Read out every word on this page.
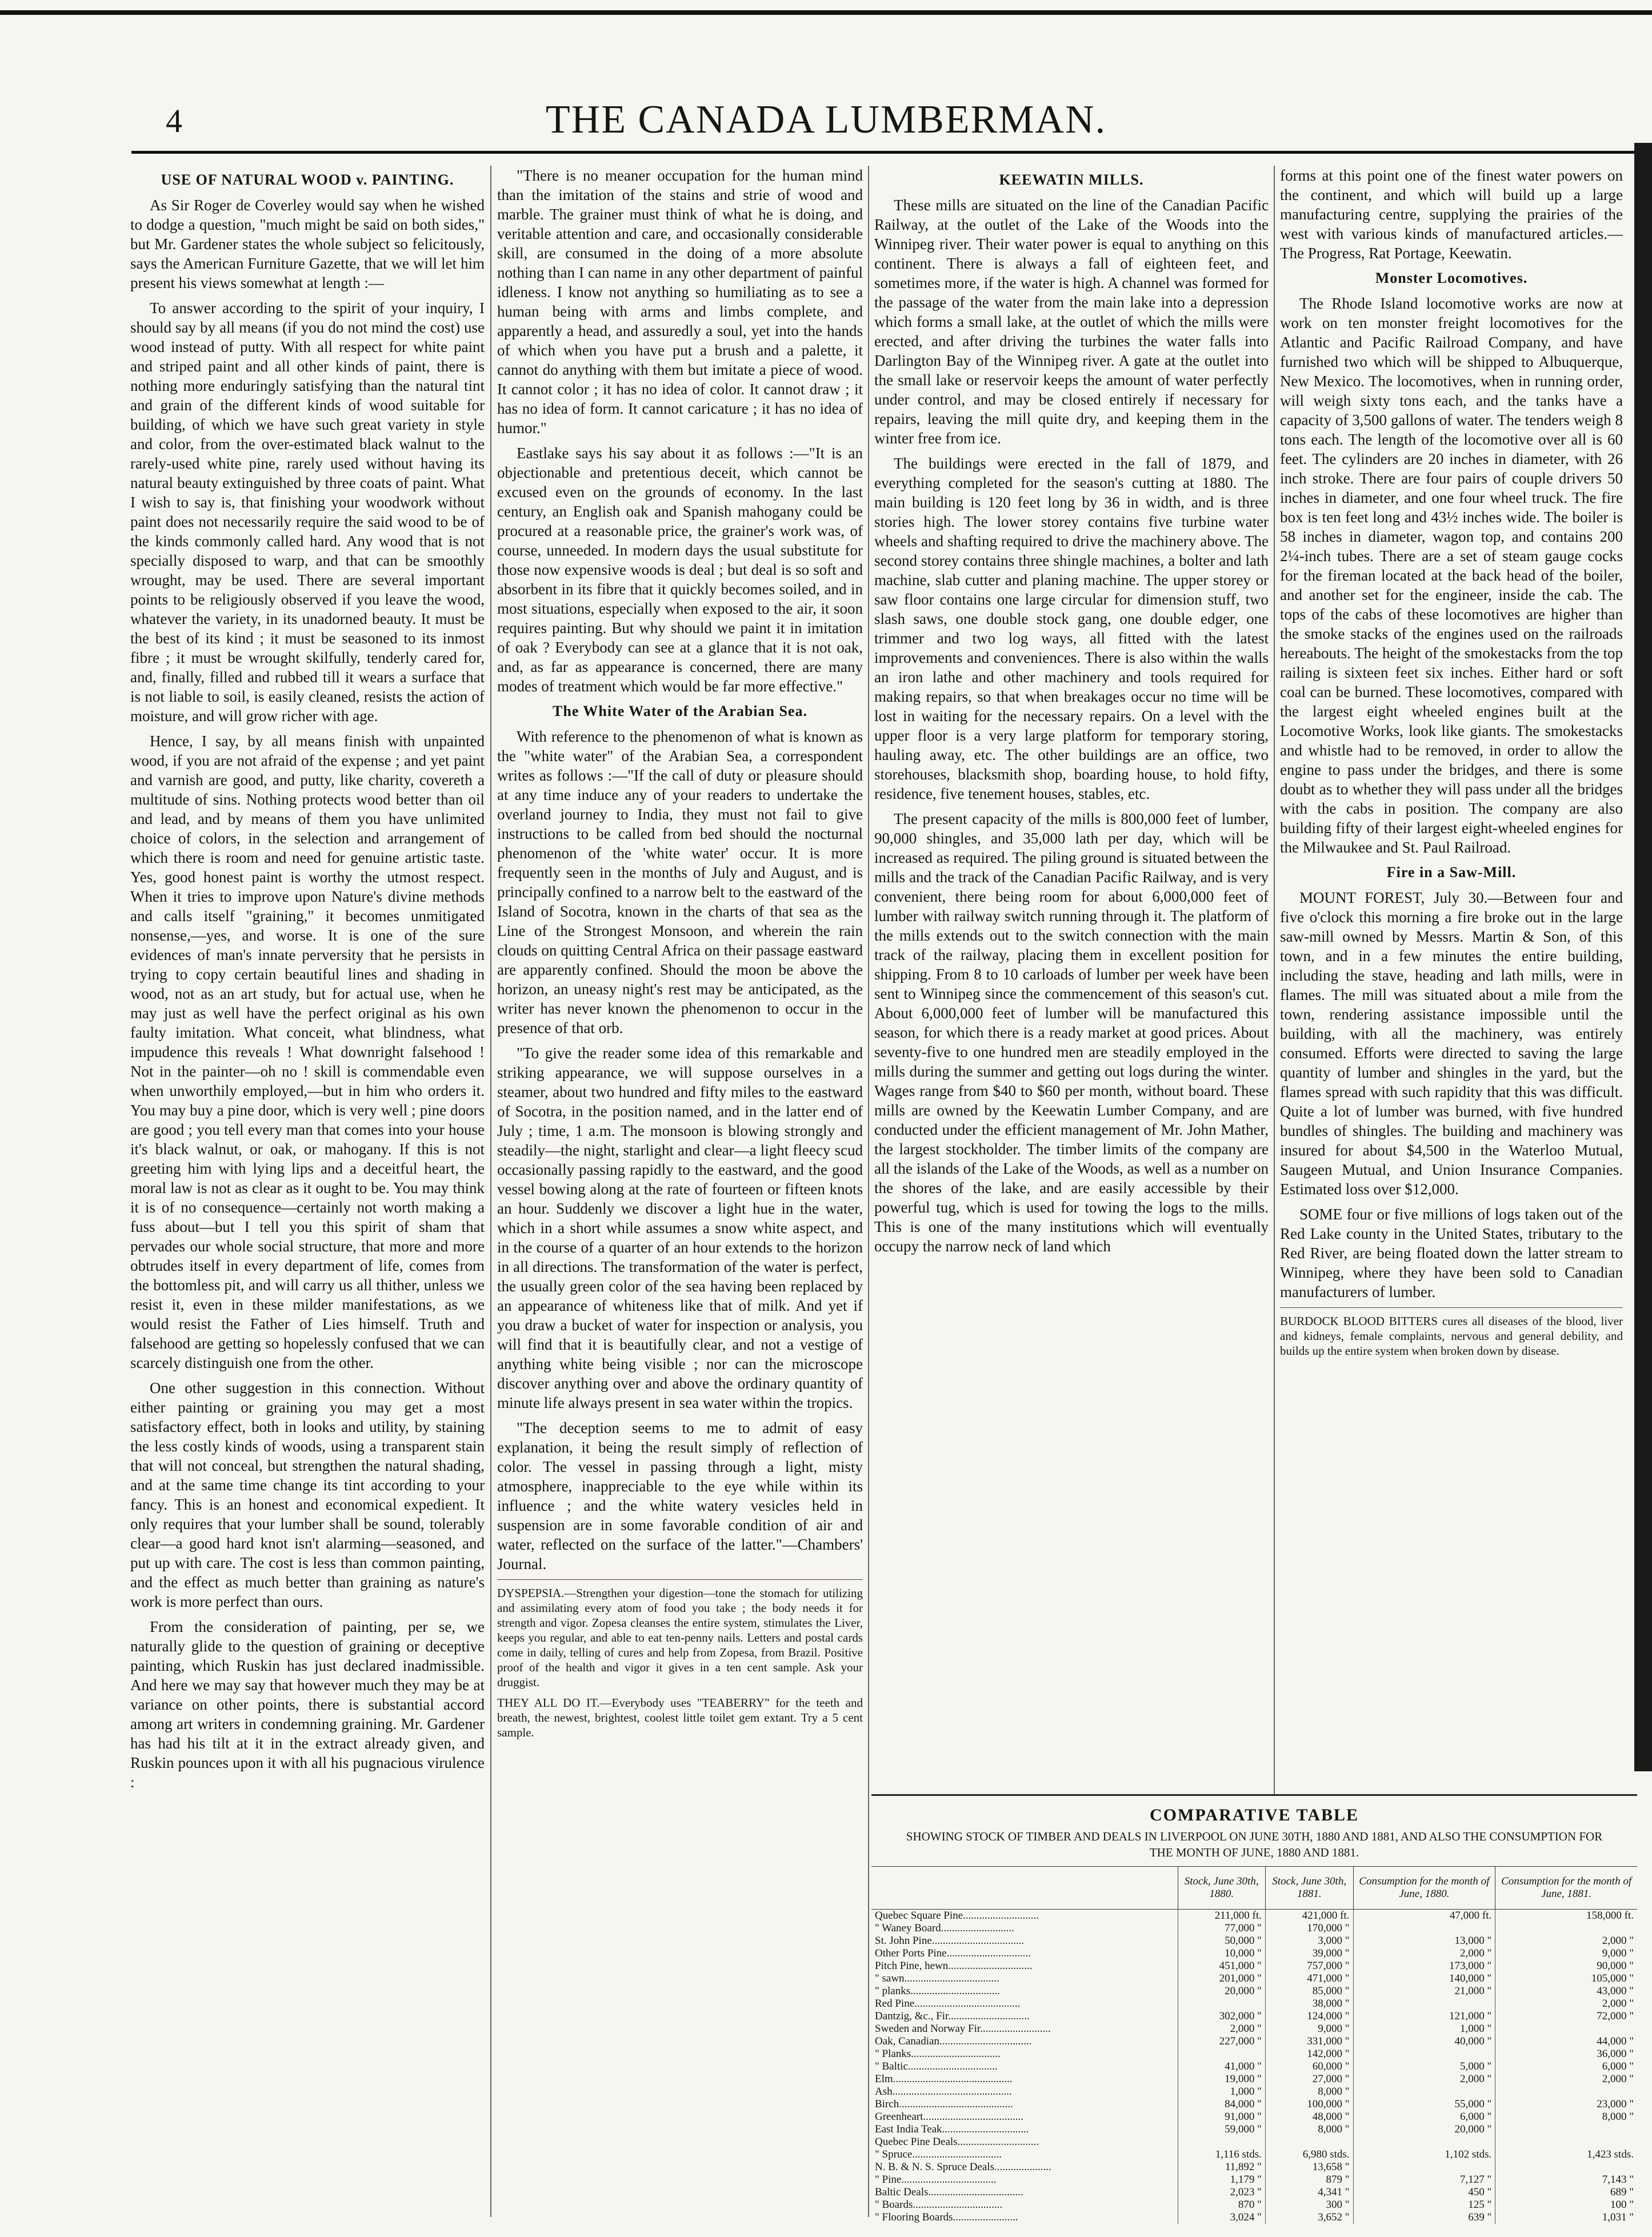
4	THE CANADA LUMBERMAN.
USE OF NATURAL WOOD v. PAINTING.

As Sir Roger de Coverley would say when he wished to dodge a question, "much might be said on both sides," but Mr. Gardener states the whole subject so felicitously, says the American Furniture Gazette, that we will let him present his views somewhat at length :—

To answer according to the spirit of your inquiry, I should say by all means (if you do not mind the cost) use wood instead of putty. With all respect for white paint and striped paint and all other kinds of paint, there is nothing more enduringly satisfying than the natural tint and grain of the different kinds of wood suitable for building, of which we have such great variety in style and color, from the over-estimated black walnut to the rarely-used white pine, rarely used without having its natural beauty extinguished by three coats of paint. What I wish to say is, that finishing your woodwork without paint does not necessarily require the said wood to be of the kinds commonly called hard. Any wood that is not specially disposed to warp, and that can be smoothly wrought, may be used. There are several important points to be religiously observed if you leave the wood, whatever the variety, in its unadorned beauty. It must be the best of its kind ; it must be seasoned to its inmost fibre ; it must be wrought skilfully, tenderly cared for, and, finally, filled and rubbed till it wears a surface that is not liable to soil, is easily cleaned, resists the action of moisture, and will grow richer with age.

Hence, I say, by all means finish with unpainted wood, if you are not afraid of the expense ; and yet paint and varnish are good, and putty, like charity, covereth a multitude of sins. Nothing protects wood better than oil and lead, and by means of them you have unlimited choice of colors, in the selection and arrangement of which there is room and need for genuine artistic taste. Yes, good honest paint is worthy the utmost respect. When it tries to improve upon Nature's divine methods and calls itself "graining," it becomes unmitigated nonsense,—yes, and worse. It is one of the sure evidences of man's innate perversity that he persists in trying to copy certain beautiful lines and shading in wood, not as an art study, but for actual use, when he may just as well have the perfect original as his own faulty imitation. What conceit, what blindness, what impudence this reveals ! What downright falsehood ! Not in the painter—oh no ! skill is commendable even when unworthily employed,—but in him who orders it. You may buy a pine door, which is very well ; pine doors are good ; you tell every man that comes into your house it's black walnut, or oak, or mahogany. If this is not greeting him with lying lips and a deceitful heart, the moral law is not as clear as it ought to be. You may think it is of no consequence—certainly not worth making a fuss about—but I tell you this spirit of sham that pervades our whole social structure, that more and more obtrudes itself in every department of life, comes from the bottomless pit, and will carry us all thither, unless we resist it, even in these milder manifestations, as we would resist the Father of Lies himself. Truth and falsehood are getting so hopelessly confused that we can scarcely distinguish one from the other.

One other suggestion in this connection. Without either painting or graining you may get a most satisfactory effect, both in looks and utility, by staining the less costly kinds of woods, using a transparent stain that will not conceal, but strengthen the natural shading, and at the same time change its tint according to your fancy. This is an honest and economical expedient. It only requires that your lumber shall be sound, tolerably clear—a good hard knot isn't alarming—seasoned, and put up with care. The cost is less than common painting, and the effect as much better than graining as nature's work is more perfect than ours.

From the consideration of painting, per se, we naturally glide to the question of graining or deceptive painting, which Ruskin has just declared inadmissible. And here we may say that however much they may be at variance on other points, there is substantial accord among art writers in condemning graining. Mr. Gardener has had his tilt at it in the extract already given, and Ruskin pounces upon it with all his pugnacious virulence :

"There is no meaner occupation for the human mind than the imitation of the stains and strie of wood and marble. The grainer must think of what he is doing, and veritable attention and care, and occasionally considerable skill, are consumed in the doing of a more absolute nothing than I can name in any other department of painful idleness. I know not anything so humiliating as to see a human being with arms and limbs complete, and apparently a head, and assuredly a soul, yet into the hands of which when you have put a brush and a palette, it cannot do anything with them but imitate a piece of wood. It cannot color ; it has no idea of color. It cannot draw ; it has no idea of form. It cannot caricature ; it has no idea of humor."

Eastlake says his say about it as follows :—"It is an objectionable and pretentious deceit, which cannot be excused even on the grounds of economy. In the last century, an English oak and Spanish mahogany could be procured at a reasonable price, the grainer's work was, of course, unneeded. In modern days the usual substitute for those now expensive woods is deal ; but deal is so soft and absorbent in its fibre that it quickly becomes soiled, and in most situations, especially when exposed to the air, it soon requires painting. But why should we paint it in imitation of oak ? Everybody can see at a glance that it is not oak, and, as far as appearance is concerned, there are many modes of treatment which would be far more effective."

The White Water of the Arabian Sea.

With reference to the phenomenon of what is known as the "white water" of the Arabian Sea, a correspondent writes as follows :—"If the call of duty or pleasure should at any time induce any of your readers to undertake the overland journey to India, they must not fail to give instructions to be called from bed should the nocturnal phenomenon of the 'white water' occur. It is more frequently seen in the months of July and August, and is principally confined to a narrow belt to the eastward of the Island of Socotra, known in the charts of that sea as the Line of the Strongest Monsoon, and wherein the rain clouds on quitting Central Africa on their passage eastward are apparently confined. Should the moon be above the horizon, an uneasy night's rest may be anticipated, as the writer has never known the phenomenon to occur in the presence of that orb.

"To give the reader some idea of this remarkable and striking appearance, we will suppose ourselves in a steamer, about two hundred and fifty miles to the eastward of Socotra, in the position named, and in the latter end of July ; time, 1 a.m. The monsoon is blowing strongly and steadily—the night, starlight and clear—a light fleecy scud occasionally passing rapidly to the eastward, and the good vessel bowing along at the rate of fourteen or fifteen knots an hour. Suddenly we discover a light hue in the water, which in a short while assumes a snow white aspect, and in the course of a quarter of an hour extends to the horizon in all directions. The transformation of the water is perfect, the usually green color of the sea having been replaced by an appearance of whiteness like that of milk. And yet if you draw a bucket of water for inspection or analysis, you will find that it is beautifully clear, and not a vestige of anything white being visible ; nor can the microscope discover anything over and above the ordinary quantity of minute life always present in sea water within the tropics.

"The deception seems to me to admit of easy explanation, it being the result simply of reflection of color. The vessel in passing through a light, misty atmosphere, inappreciable to the eye while within its influence ; and the white watery vesicles held in suspension are in some favorable condition of air and water, reflected on the surface of the latter."—Chambers' Journal.

DYSPEPSIA.—Strengthen your digestion—tone the stomach for utilizing and assimilating every atom of food you take ; the body needs it for strength and vigor. Zopesa cleanses the entire system, stimulates the Liver, keeps you regular, and able to eat ten-penny nails. Letters and postal cards come in daily, telling of cures and help from Zopesa, from Brazil. Positive proof of the health and vigor it gives in a ten cent sample. Ask your druggist.

THEY ALL DO IT.—Everybody uses "TEABERRY" for the teeth and breath, the newest, brightest, coolest little toilet gem extant. Try a 5 cent sample.

KEEWATIN MILLS.

These mills are situated on the line of the Canadian Pacific Railway, at the outlet of the Lake of the Woods into the Winnipeg river. Their water power is equal to anything on this continent. There is always a fall of eighteen feet, and sometimes more, if the water is high. A channel was formed for the passage of the water from the main lake into a depression which forms a small lake, at the outlet of which the mills were erected, and after driving the turbines the water falls into Darlington Bay of the Winnipeg river. A gate at the outlet into the small lake or reservoir keeps the amount of water perfectly under control, and may be closed entirely if necessary for repairs, leaving the mill quite dry, and keeping them in the winter free from ice.

The buildings were erected in the fall of 1879, and everything completed for the season's cutting at 1880. The main building is 120 feet long by 36 in width, and is three stories high. The lower storey contains five turbine water wheels and shafting required to drive the machinery above. The second storey contains three shingle machines, a bolter and lath machine, slab cutter and planing machine. The upper storey or saw floor contains one large circular for dimension stuff, two slash saws, one double stock gang, one double edger, one trimmer and two log ways, all fitted with the latest improvements and conveniences. There is also within the walls an iron lathe and other machinery and tools required for making repairs, so that when breakages occur no time will be lost in waiting for the necessary repairs. On a level with the upper floor is a very large platform for temporary storing, hauling away, etc. The other buildings are an office, two storehouses, blacksmith shop, boarding house, to hold fifty, residence, five tenement houses, stables, etc.

The present capacity of the mills is 800,000 feet of lumber, 90,000 shingles, and 35,000 lath per day, which will be increased as required. The piling ground is situated between the mills and the track of the Canadian Pacific Railway, and is very convenient, there being room for about 6,000,000 feet of lumber with railway switch running through it. The platform of the mills extends out to the switch connection with the main track of the railway, placing them in excellent position for shipping. From 8 to 10 carloads of lumber per week have been sent to Winnipeg since the commencement of this season's cut. About 6,000,000 feet of lumber will be manufactured this season, for which there is a ready market at good prices. About seventy-five to one hundred men are steadily employed in the mills during the summer and getting out logs during the winter. Wages range from $40 to $60 per month, without board. These mills are owned by the Keewatin Lumber Company, and are conducted under the efficient management of Mr. John Mather, the largest stockholder. The timber limits of the company are all the islands of the Lake of the Woods, as well as a number on the shores of the lake, and are easily accessible by their powerful tug, which is used for towing the logs to the mills. This is one of the many institutions which will eventually occupy the narrow neck of land which

forms at this point one of the finest water powers on the continent, and which will build up a large manufacturing centre, supplying the prairies of the west with various kinds of manufactured articles.—The Progress, Rat Portage, Keewatin.

Monster Locomotives.

The Rhode Island locomotive works are now at work on ten monster freight locomotives for the Atlantic and Pacific Railroad Company, and have furnished two which will be shipped to Albuquerque, New Mexico. The locomotives, when in running order, will weigh sixty tons each, and the tanks have a capacity of 3,500 gallons of water. The tenders weigh 8 tons each. The length of the locomotive over all is 60 feet. The cylinders are 20 inches in diameter, with 26 inch stroke. There are four pairs of couple drivers 50 inches in diameter, and one four wheel truck. The fire box is ten feet long and 43½ inches wide. The boiler is 58 inches in diameter, wagon top, and contains 200 2¼-inch tubes. There are a set of steam gauge cocks for the fireman located at the back head of the boiler, and another set for the engineer, inside the cab. The tops of the cabs of these locomotives are higher than the smoke stacks of the engines used on the railroads hereabouts. The height of the smokestacks from the top railing is sixteen feet six inches. Either hard or soft coal can be burned. These locomotives, compared with the largest eight wheeled engines built at the Locomotive Works, look like giants. The smokestacks and whistle had to be removed, in order to allow the engine to pass under the bridges, and there is some doubt as to whether they will pass under all the bridges with the cabs in position. The company are also building fifty of their largest eight-wheeled engines for the Milwaukee and St. Paul Railroad.

Fire in a Saw-Mill.

MOUNT FOREST, July 30.—Between four and five o'clock this morning a fire broke out in the large saw-mill owned by Messrs. Martin & Son, of this town, and in a few minutes the entire building, including the stave, heading and lath mills, were in flames. The mill was situated about a mile from the town, rendering assistance impossible until the building, with all the machinery, was entirely consumed. Efforts were directed to saving the large quantity of lumber and shingles in the yard, but the flames spread with such rapidity that this was difficult. Quite a lot of lumber was burned, with five hundred bundles of shingles. The building and machinery was insured for about $4,500 in the Waterloo Mutual, Saugeen Mutual, and Union Insurance Companies. Estimated loss over $12,000.

SOME four or five millions of logs taken out of the Red Lake county in the United States, tributary to the Red River, are being floated down the latter stream to Winnipeg, where they have been sold to Canadian manufacturers of lumber.

BURDOCK BLOOD BITTERS cures all diseases of the blood, liver and kidneys, female complaints, nervous and general debility, and builds up the entire system when broken down by disease.

COMPARATIVE TABLE
SHOWING STOCK OF TIMBER AND DEALS IN LIVERPOOL ON JUNE 30TH, 1880 AND 1881, AND ALSO THE CONSUMPTION FOR THE MONTH OF JUNE, 1880 AND 1881.
	Stock, June 30th, 1880.	Stock, June 30th, 1881.	Consumption for the month of June, 1880.	Consumption for the month of June, 1881.
Quebec Square Pine............................	211,000 ft.	421,000 ft.	47,000 ft.	158,000 ft.
" Waney Board...........................	77,000 "	170,000 "		
St. John Pine..................................	50,000 "	3,000 "	13,000 "	2,000 "
Other Ports Pine...............................	10,000 "	39,000 "	2,000 "	9,000 "
Pitch Pine, hewn...............................	451,000 "	757,000 "	173,000 "	90,000 "
" sawn...................................	201,000 "	471,000 "	140,000 "	105,000 "
" planks.................................	20,000 "	85,000 "	21,000 "	43,000 "
Red Pine.......................................		38,000 "		2,000 "
Dantzig, &c., Fir..............................	302,000 "	124,000 "	121,000 "	72,000 "
Sweden and Norway Fir..........................	2,000 "	9,000 "	1,000 "	
Oak, Canadian..................................	227,000 "	331,000 "	40,000 "	44,000 "
" Planks.................................		142,000 "		36,000 "
" Baltic.................................	41,000 "	60,000 "	5,000 "	6,000 "
Elm............................................	19,000 "	27,000 "	2,000 "	2,000 "
Ash............................................	1,000 "	8,000 "		
Birch..........................................	84,000 "	100,000 "	55,000 "	23,000 "
Greenheart.....................................	91,000 "	48,000 "	6,000 "	8,000 "
East India Teak................................	59,000 "	8,000 "	20,000 "	
Quebec Pine Deals..............................				
" Spruce.................................	1,116 stds.	6,980 stds.	1,102 stds.	1,423 stds.
N. B. & N. S. Spruce Deals.....................	11,892 "	13,658 "		
" Pine...................................	1,179 "	879 "	7,127 "	7,143 "
Baltic Deals...................................	2,023 "	4,341 "	450 "	689 "
" Boards.................................	870 "	300 "	125 "	100 "
" Flooring Boards........................	3,024 "	3,652 "	639 "	1,031 "
